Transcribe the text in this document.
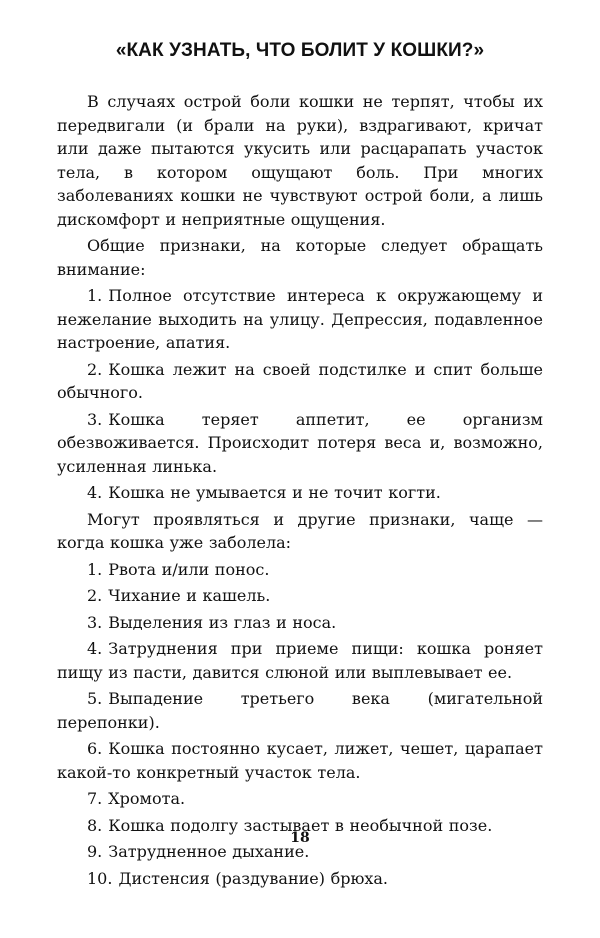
«КАК УЗНАТЬ, ЧТО БОЛИТ У КОШКИ?»

В случаях острой боли кошки не терпят, чтобы их передвигали (и брали на руки), вздрагивают, кричат или даже пытаются укусить или расцарапать участок тела, в котором ощущают боль. При многих заболеваниях кошки не чувствуют острой боли, а лишь дискомфорт и неприятные ощущения.

Общие признаки, на которые следует обращать внимание:

1. Полное отсутствие интереса к окружающему и нежелание выходить на улицу. Депрессия, подавленное настроение, апатия.
2. Кошка лежит на своей подстилке и спит больше обычного.
3. Кошка теряет аппетит, ее организм обезвоживается. Происходит потеря веса и, возможно, усиленная линька.
4. Кошка не умывается и не точит когти.

Могут проявляться и другие признаки, чаще — когда кошка уже заболела:

1. Рвота и/или понос.
2. Чихание и кашель.
3. Выделения из глаз и носа.
4. Затруднения при приеме пищи: кошка роняет пищу из пасти, давится слюной или выплевывает ее.
5. Выпадение третьего века (мигательной перепонки).
6. Кошка постоянно кусает, лижет, чешет, царапает какой-то конкретный участок тела.
7. Хромота.
8. Кошка подолгу застывает в необычной позе.
9. Затрудненное дыхание.
10. Дистенсия (раздувание) брюха.
18
